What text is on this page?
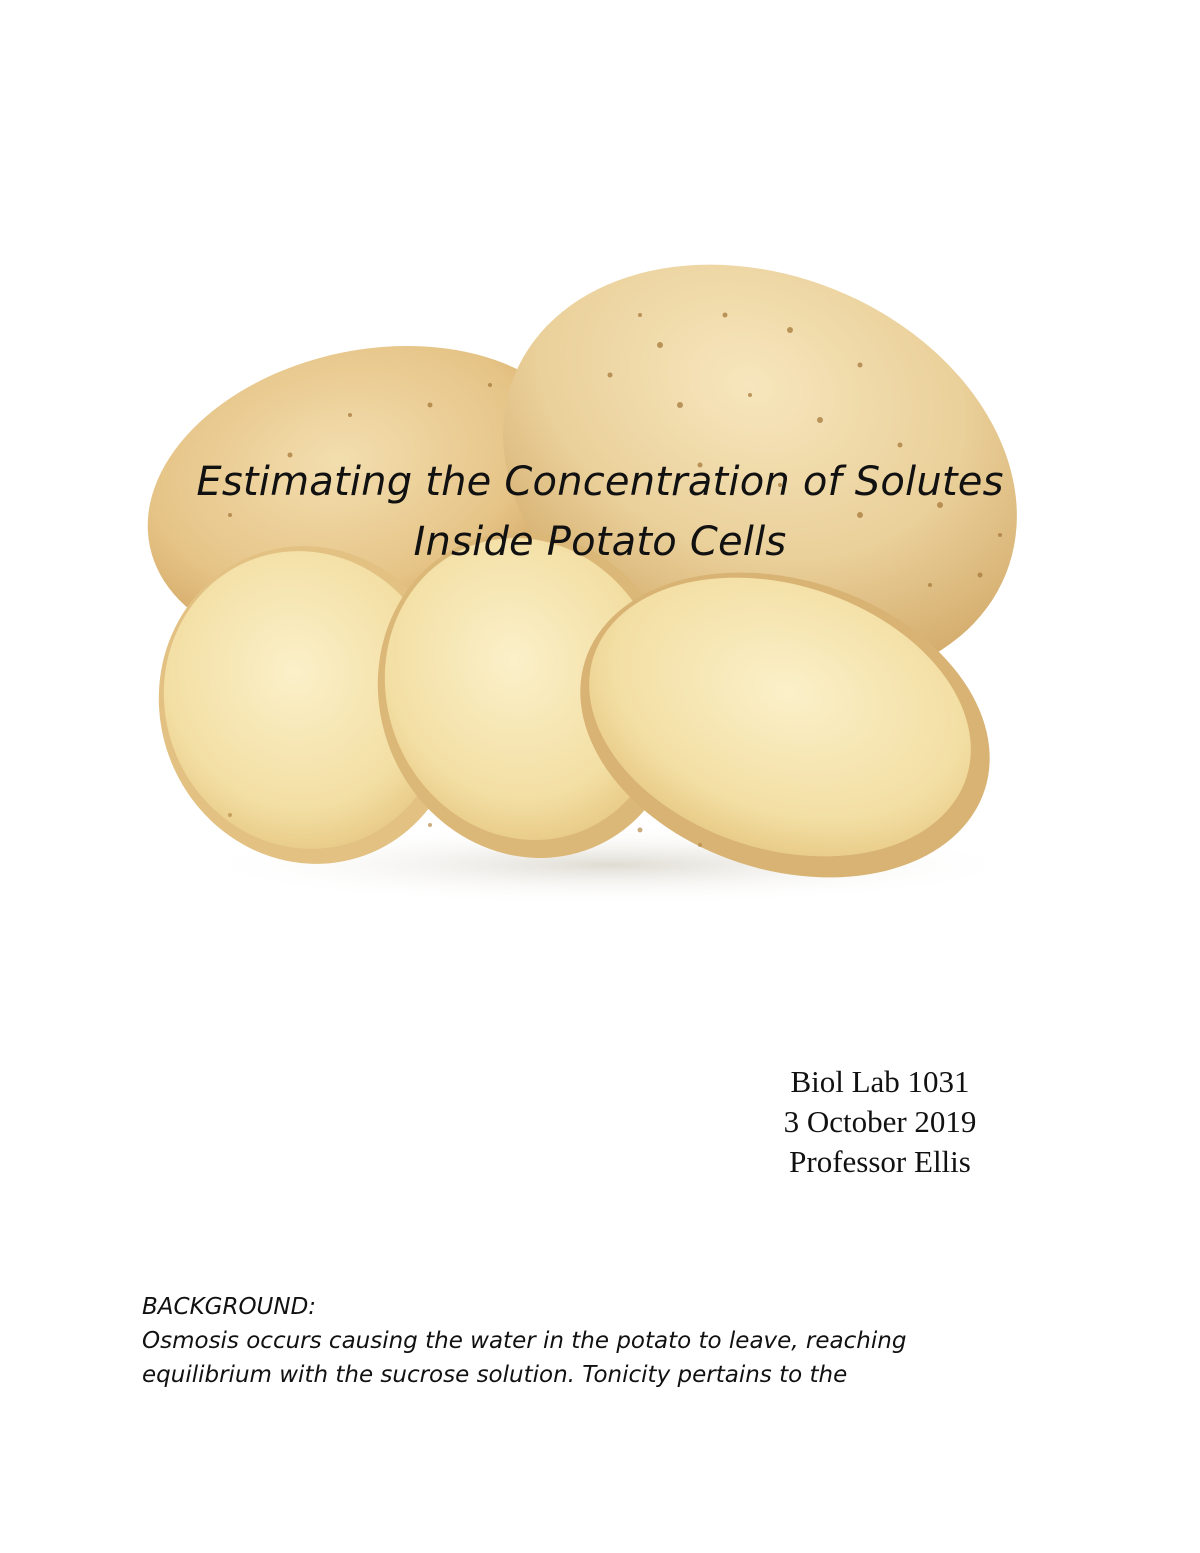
Estimating the Concentration of Solutes
Inside Potato Cells
Biol Lab 1031
3 October 2019
Professor Ellis
BACKGROUND:
Osmosis occurs causing the water in the potato to leave, reaching
equilibrium with the sucrose solution. Tonicity pertains to the
